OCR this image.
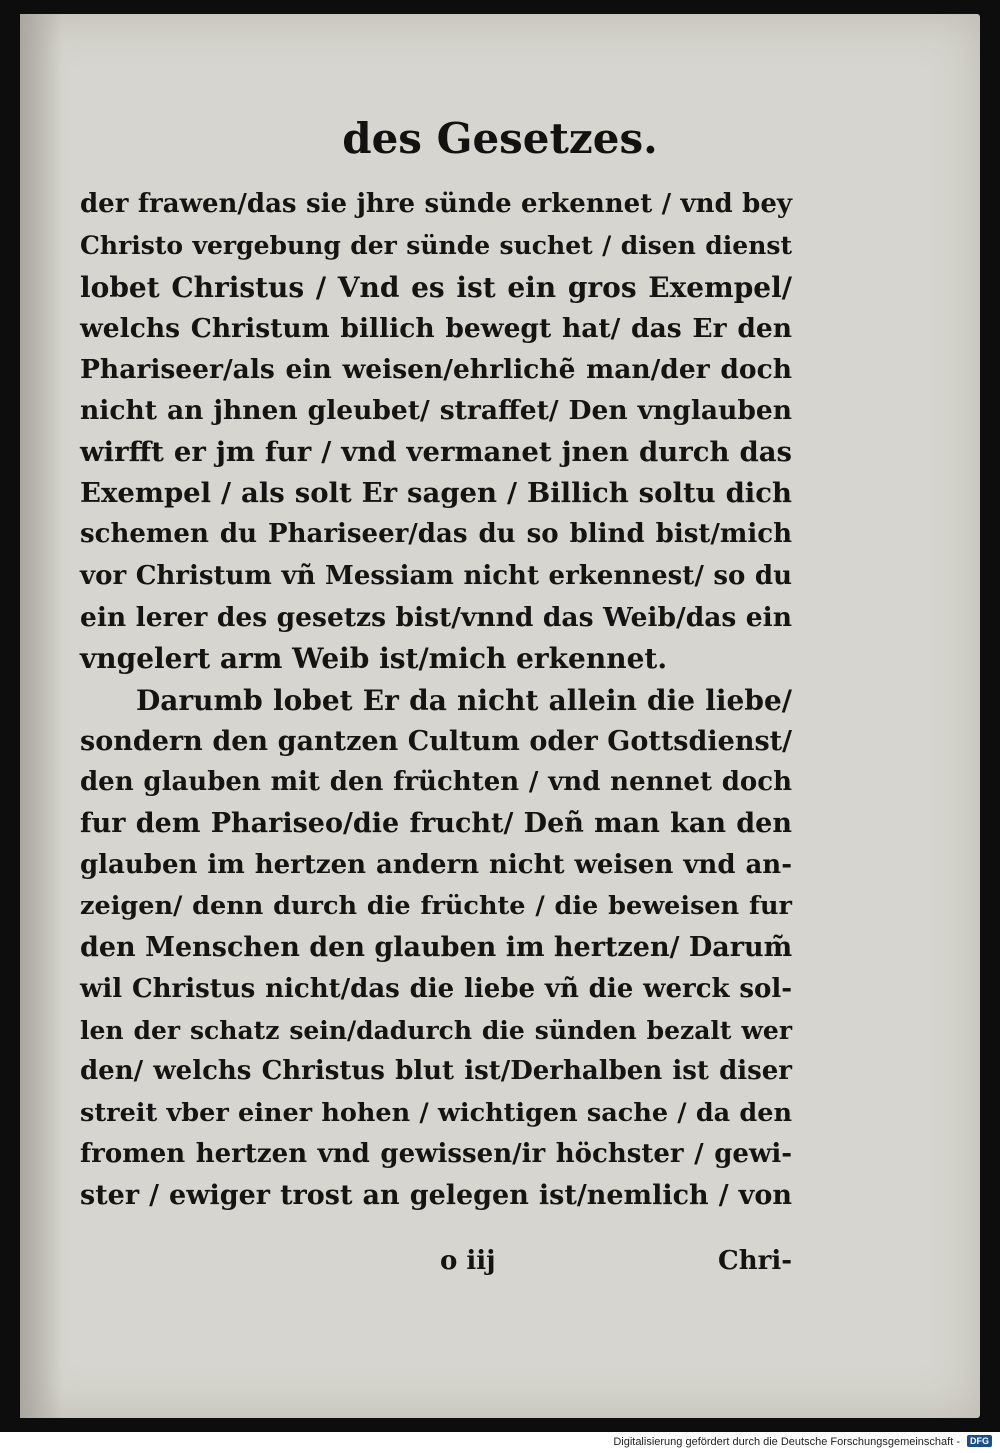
des Gesetzes.
der frawen/das sie jhre sünde erkennet / vnd bey
Christo vergebung der sünde suchet / disen dienst
lobet Christus / Vnd es ist ein gros Exempel/
welchs Christum billich bewegt hat/ das Er den
Phariseer/als ein weisen/ehrlichẽ man/der doch
nicht an jhnen gleubet/ straffet/ Den vnglauben
wirfft er jm fur / vnd vermanet jnen durch das
Exempel / als solt Er sagen / Billich soltu dich
schemen du Phariseer/das du so blind bist/mich
vor Christum vñ Messiam nicht erkennest/ so du
ein lerer des gesetzs bist/vnnd das Weib/das ein
vngelert arm Weib ist/mich erkennet.
Darumb lobet Er da nicht allein die liebe/
sondern den gantzen Cultum oder Gottsdienst/
den glauben mit den früchten / vnd nennet doch
fur dem Phariseo/die frucht/ Deñ man kan den
glauben im hertzen andern nicht weisen vnd an-
zeigen/ denn durch die früchte / die beweisen fur
den Menschen den glauben im hertzen/ Darum̃
wil Christus nicht/das die liebe vñ die werck sol-
len der schatz sein/dadurch die sünden bezalt wer
den/ welchs Christus blut ist/Derhalben ist diser
streit vber einer hohen / wichtigen sache / da den
fromen hertzen vnd gewissen/ir höchster / gewi-
ster / ewiger trost an gelegen ist/nemlich / von
o iij	Chri-
Digitalisierung gefördert durch die Deutsche Forschungsgemeinschaft -	DFG
